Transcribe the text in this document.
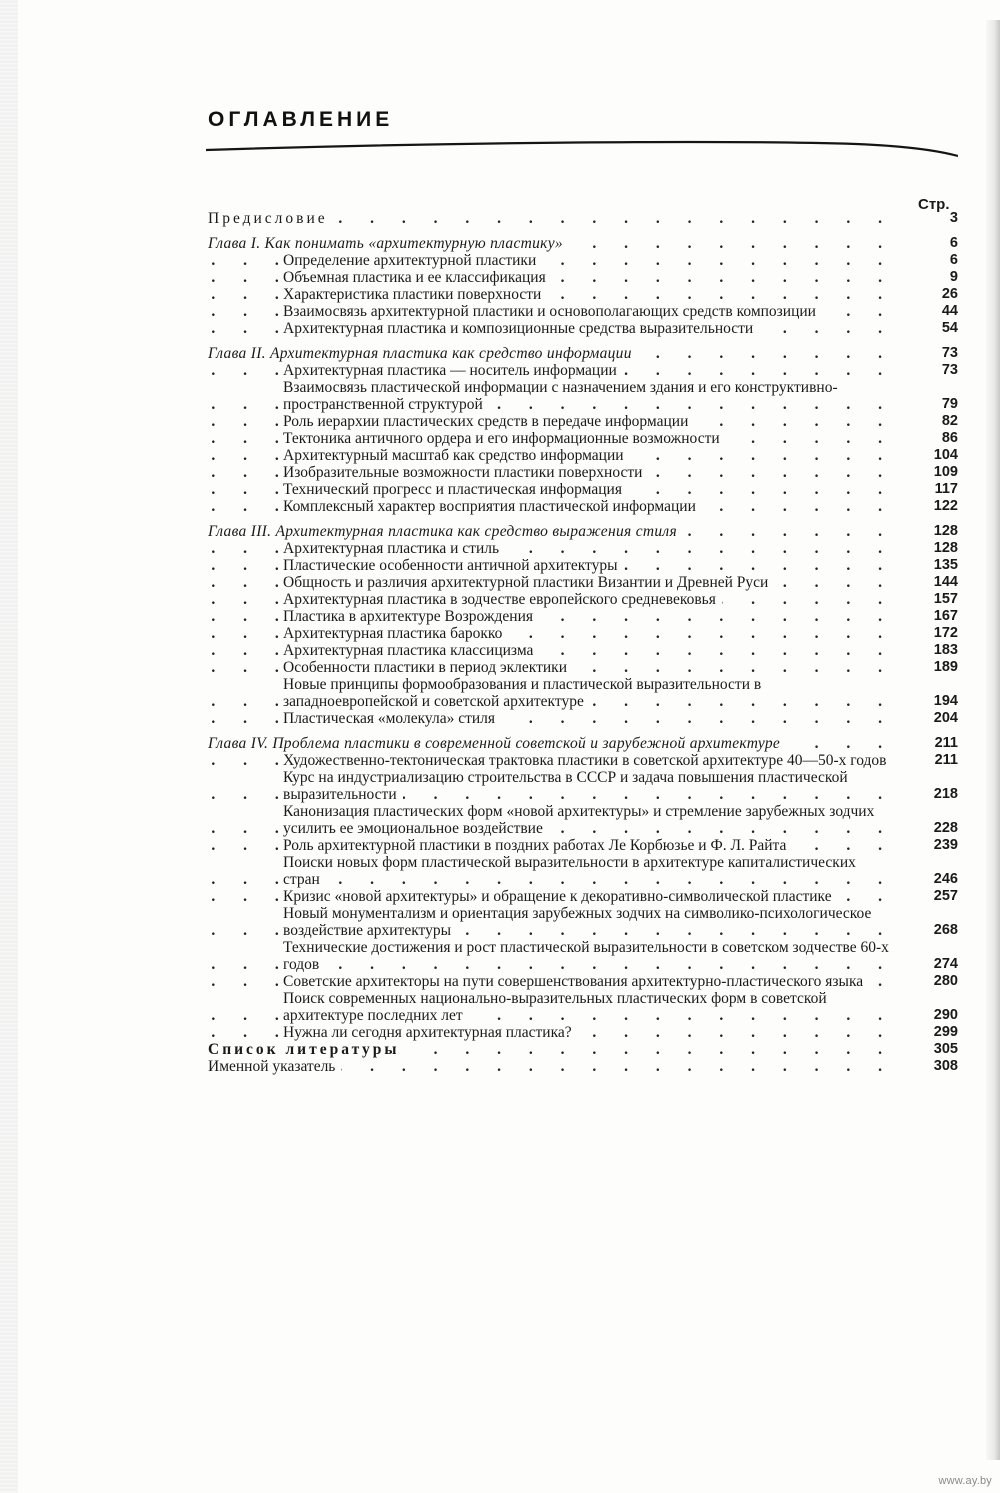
ОГЛАВЛЕНИЕ
Стр.
Предисловие . . .	3
Глава I. Как понимать «архитектурную пластику» . . .	6
Определение архитектурной пластики . . .	6
Объемная пластика и ее классификация . . .	9
Характеристика пластики поверхности . . .	26
Взаимосвязь архитектурной пластики и основополагающих средств композиции . . .	44
Архитектурная пластика и композиционные средства выразительности . . .	54
Глава II. Архитектурная пластика как средство информации . . .	73
Архитектурная пластика — носитель информации . . .	73
Взаимосвязь пластической информации с назначением здания и его конструктивно-пространственной структурой . . .	79
Роль иерархии пластических средств в передаче информации . . .	82
Тектоника античного ордера и его информационные возможности . . .	86
Архитектурный масштаб как средство информации . . .	104
Изобразительные возможности пластики поверхности . . .	109
Технический прогресс и пластическая информация . . .	117
Комплексный характер восприятия пластической информации . . .	122
Глава III. Архитектурная пластика как средство выражения стиля . . .	128
Архитектурная пластика и стиль . . .	128
Пластические особенности античной архитектуры . . .	135
Общность и различия архитектурной пластики Византии и Древней Руси . . .	144
Архитектурная пластика в зодчестве европейского средневековья . . .	157
Пластика в архитектуре Возрождения . . .	167
Архитектурная пластика барокко . . .	172
Архитектурная пластика классицизма . . .	183
Особенности пластики в период эклектики . . .	189
Новые принципы формообразования и пластической выразительности в западноевропейской и советской архитектуре . . .	194
Пластическая «молекула» стиля . . .	204
Глава IV. Проблема пластики в современной советской и зарубежной архитектуре . . .	211
Художественно-тектоническая трактовка пластики в советской архитектуре 40—50-х годов . . .	211
Курс на индустриализацию строительства в СССР и задача повышения пластической выразительности . . .	218
Канонизация пластических форм «новой архитектуры» и стремление зарубежных зодчих усилить ее эмоциональное воздействие . . .	228
Роль архитектурной пластики в поздних работах Ле Корбюзье и Ф. Л. Райта . . .	239
Поиски новых форм пластической выразительности в архитектуре капиталистических стран . . .	246
Кризис «новой архитектуры» и обращение к декоративно-символической пластике . . .	257
Новый монументализм и ориентация зарубежных зодчих на символико-психологическое воздействие архитектуры . . .	268
Технические достижения и рост пластической выразительности в советском зодчестве 60-х годов . . .	274
Советские архитекторы на пути совершенствования архитектурно-пластического языка . . .	280
Поиск современных национально-выразительных пластических форм в советской архитектуре последних лет . . .	290
Нужна ли сегодня архитектурная пластика? . . .	299
Список литературы . . .	305
Именной указатель . . .	308
www.ay.by
